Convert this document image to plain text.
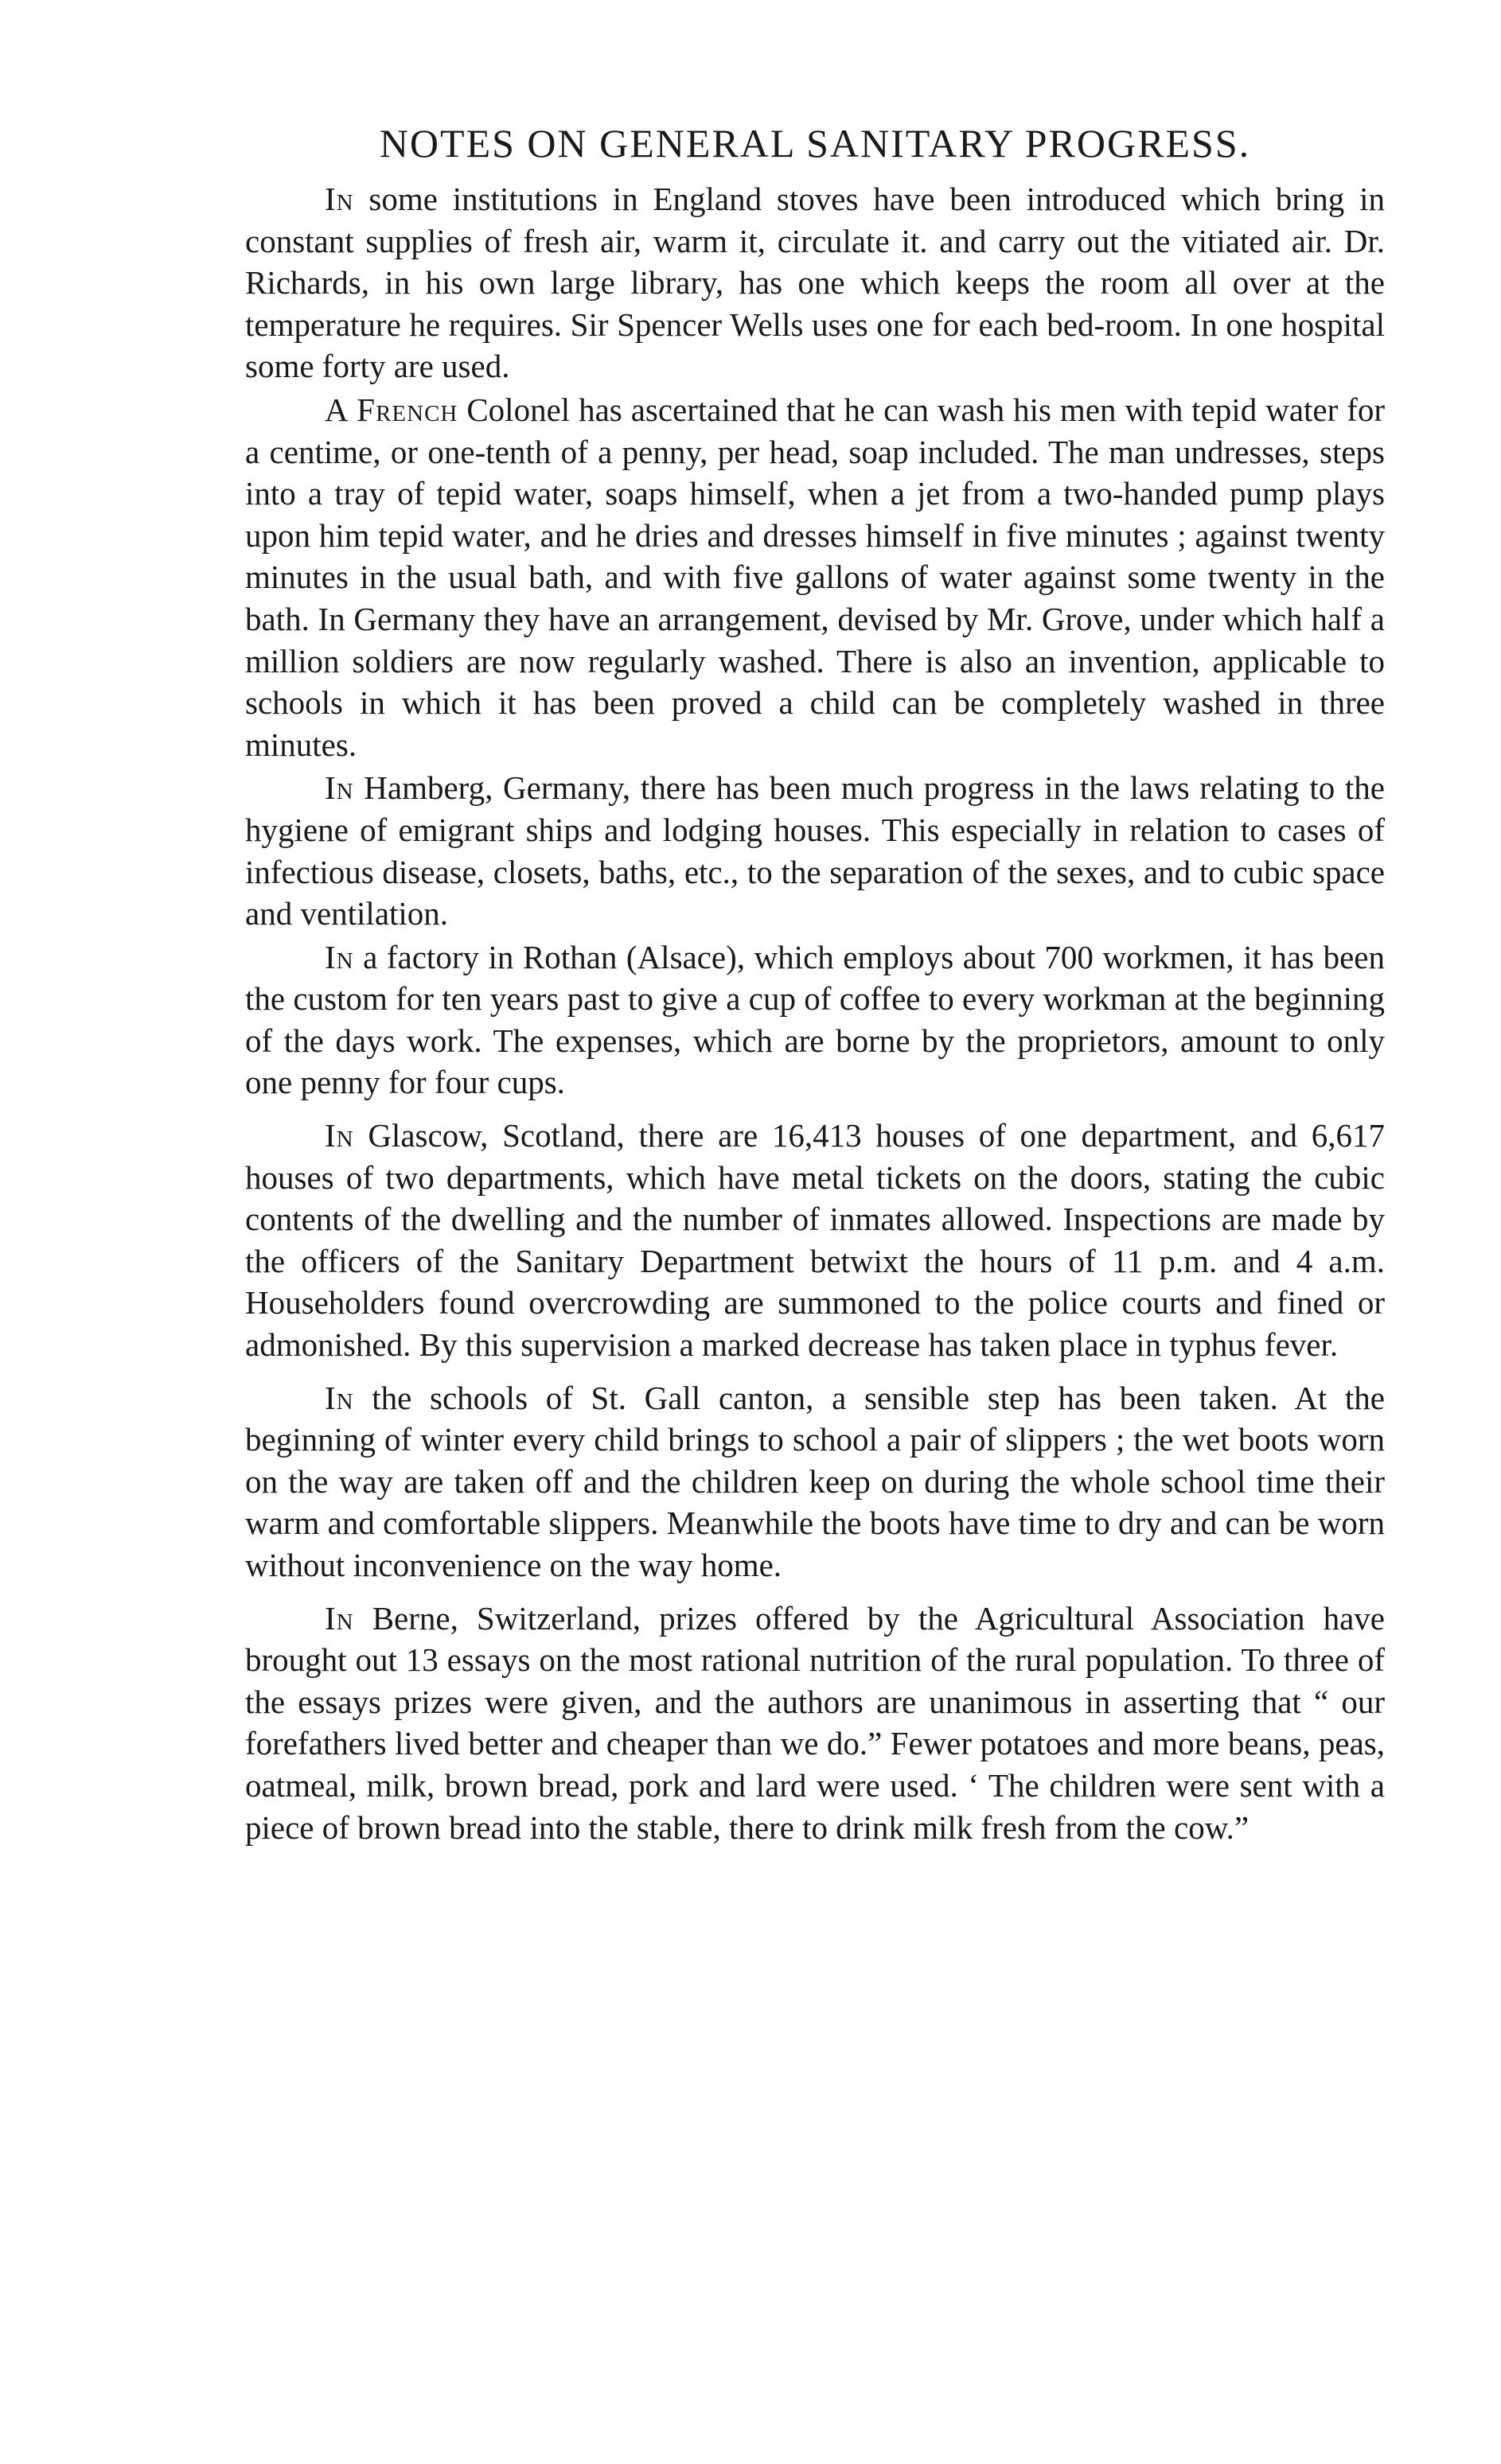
NOTES ON GENERAL SANITARY PROGRESS.

In some institutions in England stoves have been introduced which bring in constant supplies of fresh air, warm it, circulate it. and carry out the vitiated air. Dr. Richards, in his own large library, has one which keeps the room all over at the temperature he requires. Sir Spencer Wells uses one for each bed-room. In one hospital some forty are used.

A French Colonel has ascertained that he can wash his men with tepid water for a centime, or one-tenth of a penny, per head, soap included. The man undresses, steps into a tray of tepid water, soaps himself, when a jet from a two-handed pump plays upon him tepid water, and he dries and dresses himself in five minutes ; against twenty minutes in the usual bath, and with five gallons of water against some twenty in the bath. In Germany they have an arrangement, devised by Mr. Grove, under which half a million soldiers are now regularly washed. There is also an invention, applicable to schools in which it has been proved a child can be completely washed in three minutes.

In Hamberg, Germany, there has been much progress in the laws relating to the hygiene of emigrant ships and lodging houses. This especially in relation to cases of infectious disease, closets, baths, etc., to the separation of the sexes, and to cubic space and ventilation.

In a factory in Rothan (Alsace), which employs about 700 workmen, it has been the custom for ten years past to give a cup of coffee to every workman at the beginning of the days work. The expenses, which are borne by the proprietors, amount to only one penny for four cups.

In Glascow, Scotland, there are 16,413 houses of one department, and 6,617 houses of two departments, which have metal tickets on the doors, stating the cubic contents of the dwelling and the number of inmates allowed. Inspections are made by the officers of the Sanitary Department betwixt the hours of 11 p.m. and 4 a.m. Householders found overcrowding are summoned to the police courts and fined or admonished. By this supervision a marked decrease has taken place in typhus fever.

In the schools of St. Gall canton, a sensible step has been taken. At the beginning of winter every child brings to school a pair of slippers ; the wet boots worn on the way are taken off and the children keep on during the whole school time their warm and comfortable slippers. Meanwhile the boots have time to dry and can be worn without inconvenience on the way home.

In Berne, Switzerland, prizes offered by the Agricultural Association have brought out 13 essays on the most rational nutrition of the rural population. To three of the essays prizes were given, and the authors are unanimous in asserting that “ our forefathers lived better and cheaper than we do.” Fewer potatoes and more beans, peas, oatmeal, milk, brown bread, pork and lard were used. ‘ The children were sent with a piece of brown bread into the stable, there to drink milk fresh from the cow.”
